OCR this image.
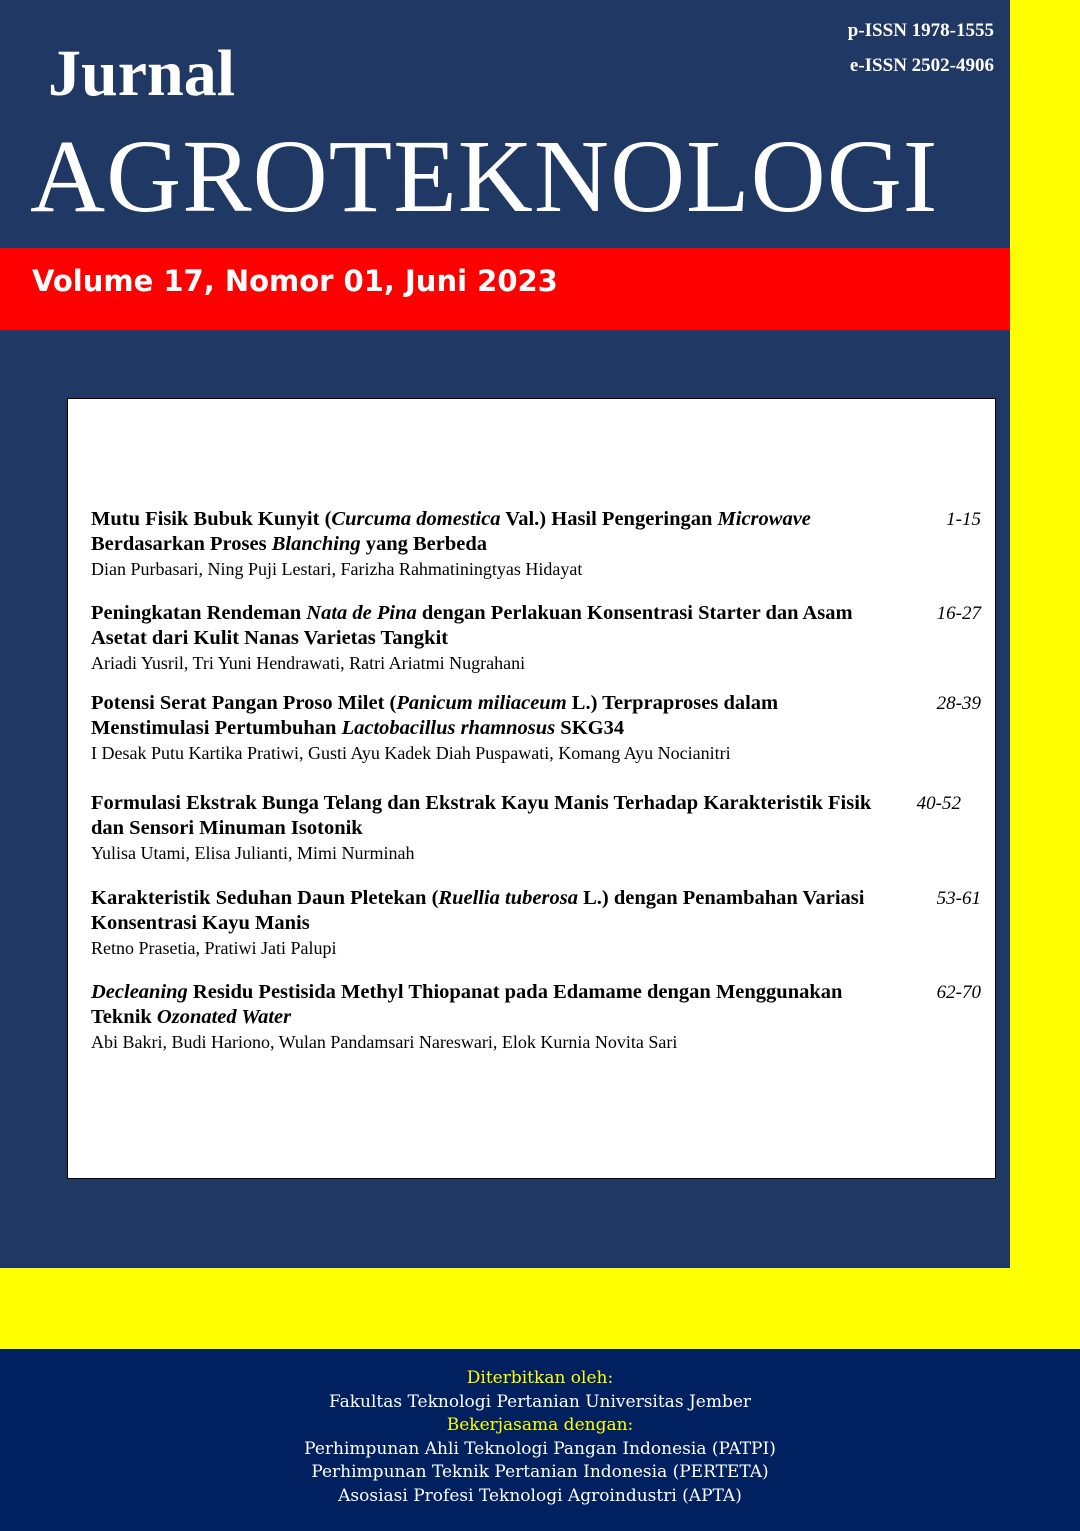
Jurnal
AGROTEKNOLOGI
p-ISSN 1978-1555
e-ISSN 2502-4906
Volume 17, Nomor 01, Juni 2023
Mutu Fisik Bubuk Kunyit (Curcuma domestica Val.) Hasil Pengeringan Microwave Berdasarkan Proses Blanching yang Berbeda
Dian Purbasari, Ning Puji Lestari, Farizha Rahmatiningtyas Hidayat
1-15
Peningkatan Rendeman Nata de Pina dengan Perlakuan Konsentrasi Starter dan Asam Asetat dari Kulit Nanas Varietas Tangkit
Ariadi Yusril, Tri Yuni Hendrawati, Ratri Ariatmi Nugrahani
16-27
Potensi Serat Pangan Proso Milet (Panicum miliaceum L.) Terpraproses dalam Menstimulasi Pertumbuhan Lactobacillus rhamnosus SKG34
I Desak Putu Kartika Pratiwi, Gusti Ayu Kadek Diah Puspawati, Komang Ayu Nocianitri
28-39
Formulasi Ekstrak Bunga Telang dan Ekstrak Kayu Manis Terhadap Karakteristik Fisik dan Sensori Minuman Isotonik
Yulisa Utami, Elisa Julianti, Mimi Nurminah
40-52
Karakteristik Seduhan Daun Pletekan (Ruellia tuberosa L.) dengan Penambahan Variasi Konsentrasi Kayu Manis
Retno Prasetia, Pratiwi Jati Palupi
53-61
Decleaning Residu Pestisida Methyl Thiopanat pada Edamame dengan Menggunakan Teknik Ozonated Water
Abi Bakri, Budi Hariono, Wulan Pandamsari Nareswari, Elok Kurnia Novita Sari
62-70
Diterbitkan oleh:
Fakultas Teknologi Pertanian Universitas Jember
Bekerjasama dengan:
Perhimpunan Ahli Teknologi Pangan Indonesia (PATPI)
Perhimpunan Teknik Pertanian Indonesia (PERTETA)
Asosiasi Profesi Teknologi Agroindustri (APTA)
